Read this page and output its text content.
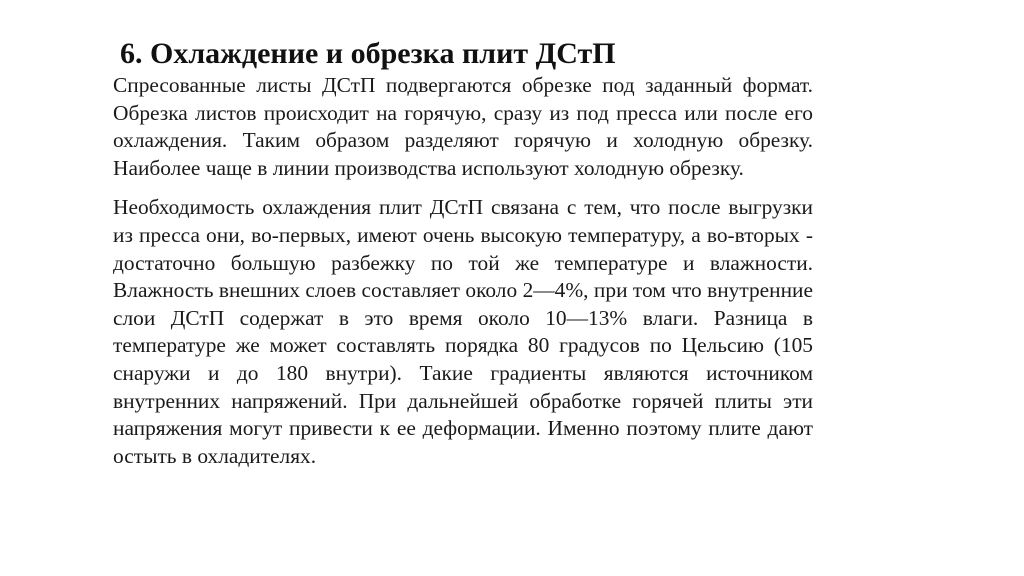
6. Охлаждение и обрезка плит ДСтП

Спресованные листы ДСтП подвергаются обрезке под заданный формат. Обрезка листов происходит на горячую, сразу из под пресса или после его охлаждения. Таким образом разделяют горячую и холодную обрезку. Наиболее чаще в линии производства используют холодную обрезку.

Необходимость охлаждения плит ДСтП связана с тем, что после выгрузки из пресса они, во-первых, имеют очень высокую температуру, а во-вторых - достаточно большую разбежку по той же температуре и влажности. Влажность внешних слоев составляет около 2—4%, при том что внутренние слои ДСтП содержат в это время около 10—13% влаги. Разница в температуре же может составлять порядка 80 градусов по Цельсию (105 снаружи и до 180 внутри). Такие градиенты являются источником внутренних напряжений. При дальнейшей обработке горячей плиты эти напряжения могут привести к ее деформации. Именно поэтому плите дают остыть в охладителях.
